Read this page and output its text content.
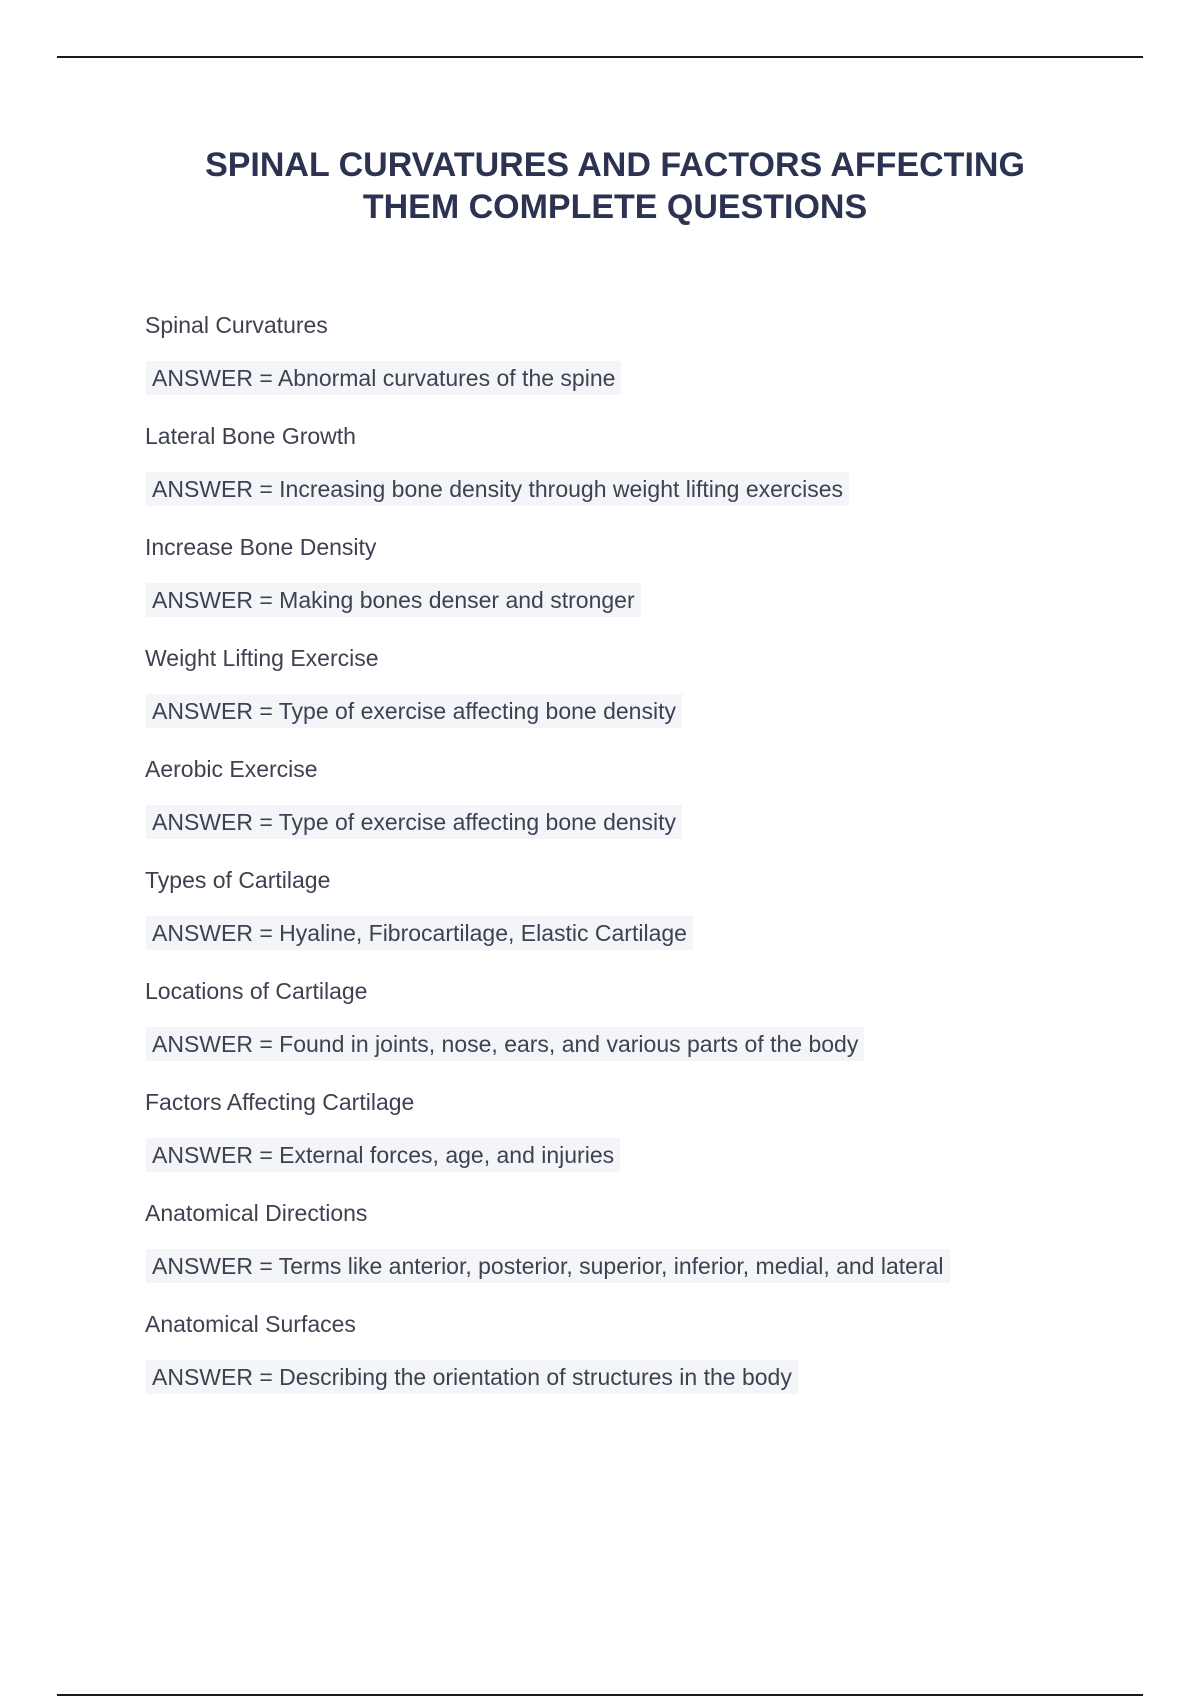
SPINAL CURVATURES AND FACTORS AFFECTING
THEM COMPLETE QUESTIONS
Spinal Curvatures
ANSWER = Abnormal curvatures of the spine
Lateral Bone Growth
ANSWER = Increasing bone density through weight lifting exercises
Increase Bone Density
ANSWER = Making bones denser and stronger
Weight Lifting Exercise
ANSWER = Type of exercise affecting bone density
Aerobic Exercise
ANSWER = Type of exercise affecting bone density
Types of Cartilage
ANSWER = Hyaline, Fibrocartilage, Elastic Cartilage
Locations of Cartilage
ANSWER = Found in joints, nose, ears, and various parts of the body
Factors Affecting Cartilage
ANSWER = External forces, age, and injuries
Anatomical Directions
ANSWER = Terms like anterior, posterior, superior, inferior, medial, and lateral
Anatomical Surfaces
ANSWER = Describing the orientation of structures in the body
